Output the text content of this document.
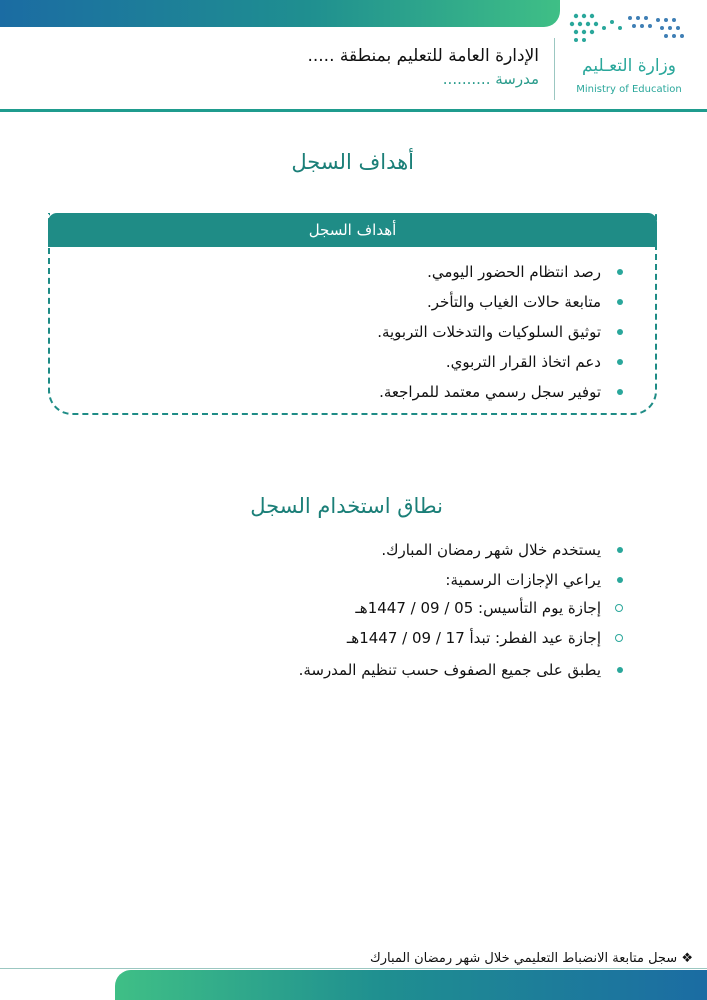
الإدارة العامة للتعليم بمنطقة .....
مدرسة ..........
وزارة التعـليم
Ministry of Education
أهداف السجل
أهداف السجل
رصد انتظام الحضور اليومي.
متابعة حالات الغياب والتأخر.
توثيق السلوكيات والتدخلات التربوية.
دعم اتخاذ القرار التربوي.
توفير سجل رسمي معتمد للمراجعة.
نطاق استخدام السجل
يستخدم خلال شهر رمضان المبارك.
يراعي الإجازات الرسمية:
إجازة يوم التأسيس: 05 / 09 / 1447هـ
إجازة عيد الفطر: تبدأ 17 / 09 / 1447هـ
يطبق على جميع الصفوف حسب تنظيم المدرسة.
❖ سجل متابعة الانضباط التعليمي خلال شهر رمضان المبارك
